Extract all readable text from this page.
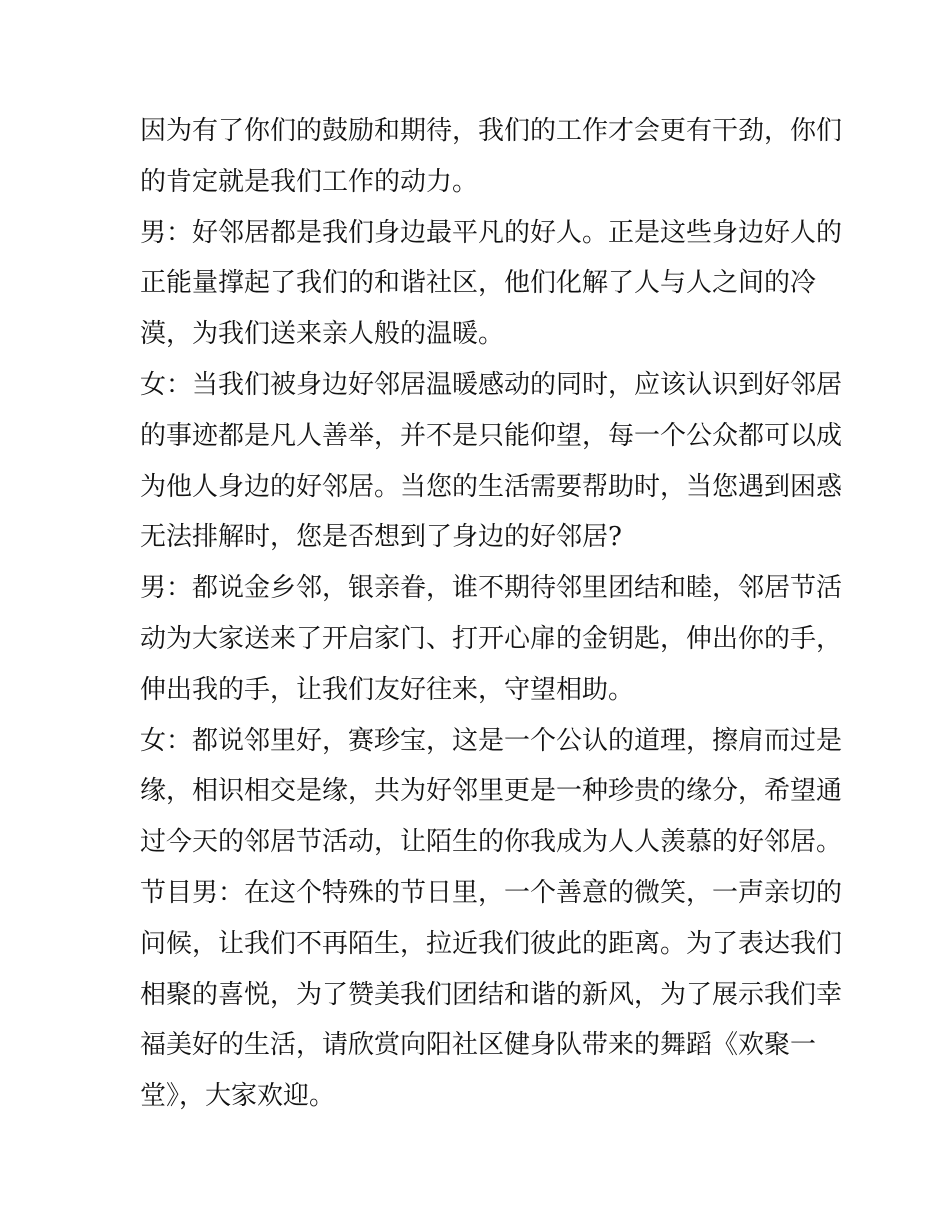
因为有了你们的鼓励和期待，我们的工作才会更有干劲，你们
的肯定就是我们工作的动力。
男：好邻居都是我们身边最平凡的好人。正是这些身边好人的
正能量撑起了我们的和谐社区，他们化解了人与人之间的冷
漠，为我们送来亲人般的温暖。
女：当我们被身边好邻居温暖感动的同时，应该认识到好邻居
的事迹都是凡人善举，并不是只能仰望，每一个公众都可以成
为他人身边的好邻居。当您的生活需要帮助时，当您遇到困惑
无法排解时，您是否想到了身边的好邻居?
男：都说金乡邻，银亲眷，谁不期待邻里团结和睦，邻居节活
动为大家送来了开启家门、打开心扉的金钥匙，伸出你的手，
伸出我的手，让我们友好往来，守望相助。
女：都说邻里好，赛珍宝，这是一个公认的道理，擦肩而过是
缘，相识相交是缘，共为好邻里更是一种珍贵的缘分，希望通
过今天的邻居节活动，让陌生的你我成为人人羡慕的好邻居。
节目男：在这个特殊的节日里，一个善意的微笑，一声亲切的
问候，让我们不再陌生，拉近我们彼此的距离。为了表达我们
相聚的喜悦，为了赞美我们团结和谐的新风，为了展示我们幸
福美好的生活，请欣赏向阳社区健身队带来的舞蹈《欢聚一
堂》，大家欢迎。
